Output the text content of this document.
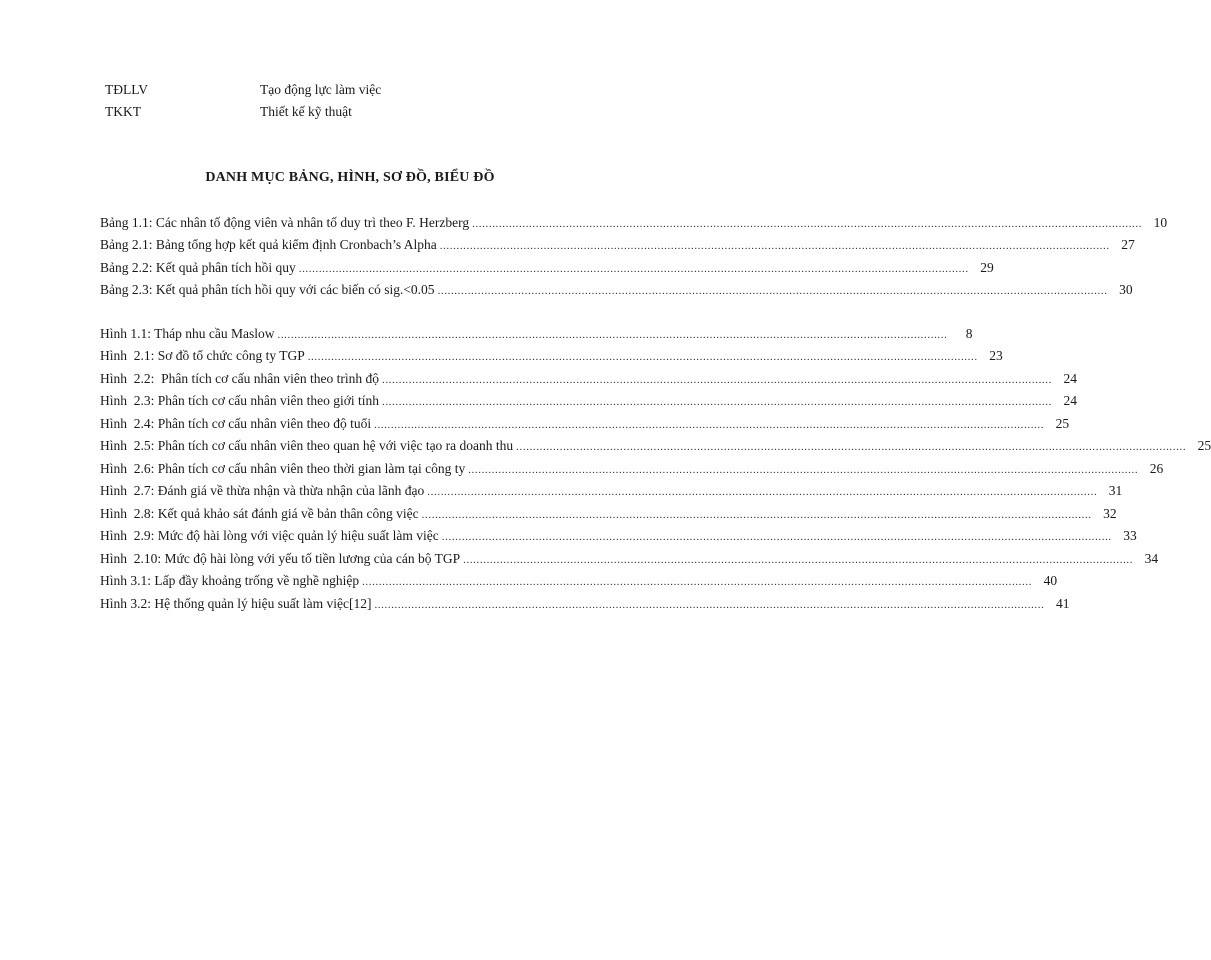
TĐLLV	Tạo động lực làm việc
TKKT	Thiết kế kỹ thuật
DANH MỤC BẢNG, HÌNH, SƠ ĐỒ, BIỂU ĐỒ
Bảng 1.1: Các nhân tố động viên và nhân tố duy trì theo F. Herzberg ........................................................................................................................................................................................................ 10
Bảng 2.1: Bảng tổng hợp kết quả kiểm định Cronbach’s Alpha ........................................................................................................................................................................................................ 27
Bảng 2.2: Kết quả phân tích hồi quy ........................................................................................................................................................................................................ 29
Bảng 2.3: Kết quả phân tích hồi quy với các biến có sig.<0.05 ........................................................................................................................................................................................................ 30
Hình 1.1: Tháp nhu cầu Maslow ........................................................................................................................................................................................................	8
Hình  2.1: Sơ đồ tổ chức công ty TGP ........................................................................................................................................................................................................ 23
Hình  2.2:  Phân tích cơ cấu nhân viên theo trình độ ........................................................................................................................................................................................................ 24
Hình  2.3: Phân tích cơ cấu nhân viên theo giới tính ........................................................................................................................................................................................................ 24
Hình  2.4: Phân tích cơ cấu nhân viên theo độ tuổi ........................................................................................................................................................................................................ 25
Hình  2.5: Phân tích cơ cấu nhân viên theo quan hệ với việc tạo ra doanh thu ........................................................................................................................................................................................................ 25
Hình  2.6: Phân tích cơ cấu nhân viên theo thời gian làm tại công ty ........................................................................................................................................................................................................ 26
Hình  2.7: Đánh giá về thừa nhận và thừa nhận của lãnh đạo ........................................................................................................................................................................................................ 31
Hình  2.8: Kết quả khảo sát đánh giá về bản thân công việc ........................................................................................................................................................................................................ 32
Hình  2.9: Mức độ hài lòng với việc quản lý hiệu suất làm việc ........................................................................................................................................................................................................ 33
Hình  2.10: Mức độ hài lòng với yếu tố tiền lương của cán bộ TGP ........................................................................................................................................................................................................ 34
Hình 3.1: Lấp đầy khoảng trống về nghề nghiệp ........................................................................................................................................................................................................ 40
Hình 3.2: Hệ thống quản lý hiệu suất làm việc[12] ........................................................................................................................................................................................................ 41
